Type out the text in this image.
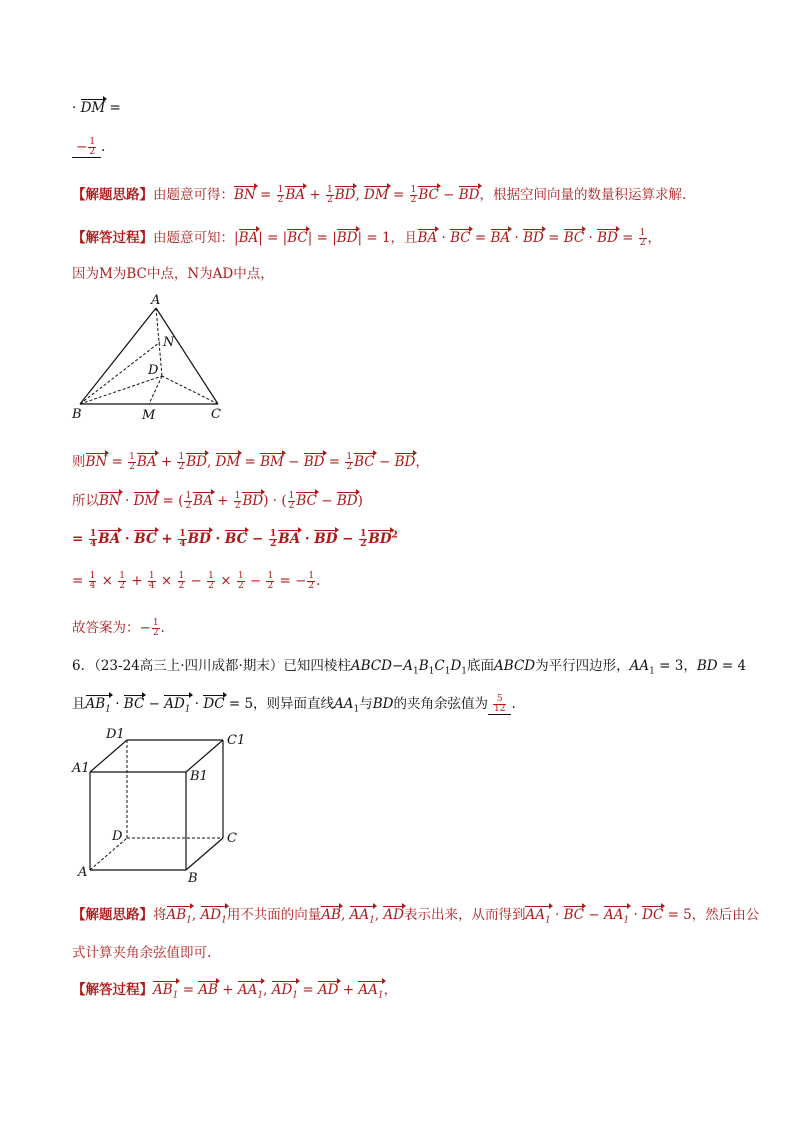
· DM =
− $\frac{1}{2}$ .
【解题思路】由题意可得：BN = $\frac{1}{2}$ BA + $\frac{1}{2}$ BD, DM = $\frac{1}{2}$ BC − BD，根据空间向量的数量积运算求解.
【解答过程】由题意可知：|BA| = |BC| = |BD| = 1，且BA · BC = BA · BD = BC · BD = $\frac{1}{2}$ ，
因为M为BC中点，N为AD中点，
A
N
D
B	M	C
则BN = $\frac{1}{2}$ BA + $\frac{1}{2}$ BD, DM = BM − BD = $\frac{1}{2}$ BC − BD，
所以BN · DM = ( $\frac{1}{2}$ BA + $\frac{1}{2} BD$) · ( $\frac{1}{2}$ BC − BD)
= $\frac{1}{4}$ BA · BC + $\frac{1}{4}$ BD · BC − $\frac{1}{2}$ BA · BD − $\frac{1}{2} BD^2$
= $\frac{1}{4} \times \frac{1}{2} + \frac{1}{4} \times \frac{1}{2} - \frac{1}{2} \times \frac{1}{2} - \frac{1}{2}$ = − $\frac{1}{2}$ .
故答案为：− $\frac{1}{2}$ .
6．（23-24高三上·四川成都·期末）已知四棱柱$ABCD-A_1B_1C_1D_1$底面ABCD为平行四边形，$AA_1 = 3$，BD = 4
且$AB_1$ · BC − $AD_1$ · DC = 5，则异面直线$AA_1$与BD的夹角余弦值为 $\frac{5}{12}$ .
D1	C1
A1
B1
D	C
A	B
【解题思路】将$AB_1$, $AD_1$用不共面的向量AB, $AA_1$, AD表示出来，从而得到$AA_1$ · BC − $AA_1$ · DC = 5，然后由公
式计算夹角余弦值即可.
【解答过程】$AB_1$ = AB + $AA_1$, $AD_1$ = AD + $AA_1$，
